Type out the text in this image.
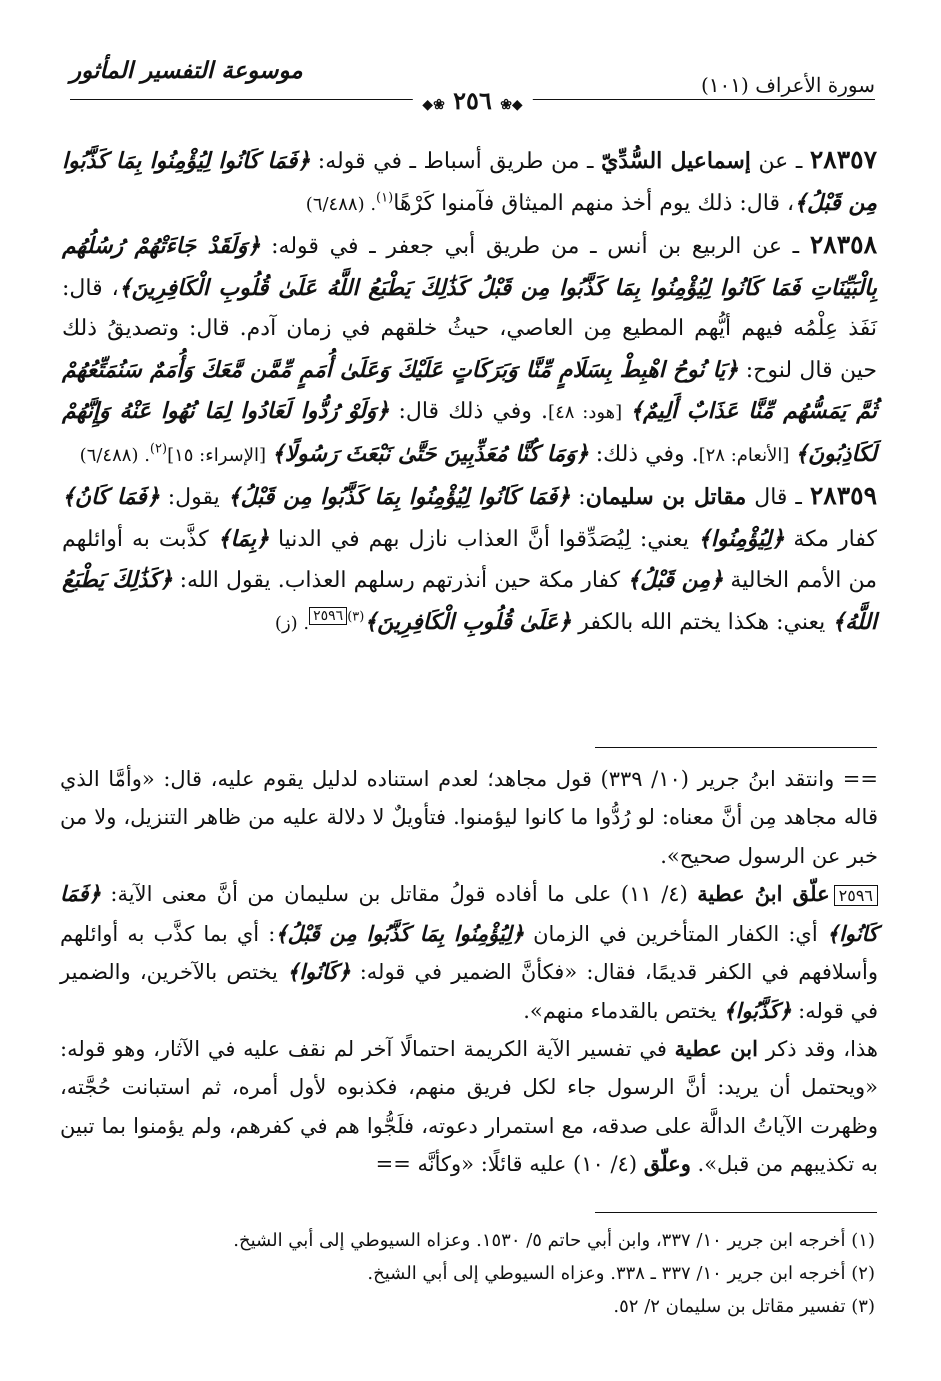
سورة الأعراف (١٠١)
موسوعة التفسير المأثور
◆❀ ٢٥٦ ❀◆

٢٨٣٥٧ ـ عن إسماعيل السُّدِّيّ ـ من طريق أسباط ـ في قوله: ﴿فَمَا كَانُوا لِيُؤْمِنُوا بِمَا كَذَّبُوا مِن قَبْلُ﴾، قال: ذلك يوم أخذ منهم الميثاق فآمنوا كَرْهًا$^{(١)}$. (٦/٤٨٨)

٢٨٣٥٨ ـ عن الربيع بن أنس ـ من طريق أبي جعفر ـ في قوله: ﴿وَلَقَدْ جَاءَتْهُمْ رُسُلُهُم بِالْبَيِّنَاتِ فَمَا كَانُوا لِيُؤْمِنُوا بِمَا كَذَّبُوا مِن قَبْلُ كَذَٰلِكَ يَطْبَعُ اللَّهُ عَلَىٰ قُلُوبِ الْكَافِرِينَ﴾، قال: نَفَذ عِلْمُه فيهم أيُّهم المطيع مِن العاصي، حيثُ خلقهم في زمان آدم. قال: وتصديقُ ذلك حين قال لنوح: ﴿يَا نُوحُ اهْبِطْ بِسَلَامٍ مِّنَّا وَبَرَكَاتٍ عَلَيْكَ وَعَلَىٰ أُمَمٍ مِّمَّن مَّعَكَ وَأُمَمٌ سَنُمَتِّعُهُمْ ثُمَّ يَمَسُّهُم مِّنَّا عَذَابٌ أَلِيمٌ﴾ [هود: ٤٨]. وفي ذلك قال: ﴿وَلَوْ رُدُّوا لَعَادُوا لِمَا نُهُوا عَنْهُ وَإِنَّهُمْ لَكَاذِبُونَ﴾ [الأنعام: ٢٨]. وفي ذلك: ﴿وَمَا كُنَّا مُعَذِّبِينَ حَتَّىٰ نَبْعَثَ رَسُولًا﴾ [الإسراء: ١٥]$^{(٢)}$. (٦/٤٨٨)

٢٨٣٥٩ ـ قال مقاتل بن سليمان: ﴿فَمَا كَانُوا لِيُؤْمِنُوا بِمَا كَذَّبُوا مِن قَبْلُ﴾ يقول: ﴿فَمَا كَانُ﴾ كفار مكة ﴿لِيُؤْمِنُوا﴾ يعني: لِيُصَدِّقوا أنَّ العذاب نازل بهم في الدنيا ﴿بِمَا﴾ كذَّبت به أوائلهم من الأمم الخالية ﴿مِن قَبْلُ﴾ كفار مكة حين أنذرتهم رسلهم العذاب. يقول الله: ﴿كَذَٰلِكَ يَطْبَعُ اللَّهُ﴾ يعني: هكذا يختم الله بالكفر ﴿عَلَىٰ قُلُوبِ الْكَافِرِينَ﴾$^{(٣)٢٥٩٦}$. (ز)

== وانتقد ابنُ جرير (١٠/ ٣٣٩) قول مجاهد؛ لعدم استناده لدليل يقوم عليه، قال: «وأمَّا الذي قاله مجاهد مِن أنَّ معناه: لو رُدُّوا ما كانوا ليؤمنوا. فتأويلٌ لا دلالة عليه من ظاهر التنزيل، ولا من خبر عن الرسول صحيح».

٢٥٩٦علّق ابنُ عطية (٤/ ١١) على ما أفاده قولُ مقاتل بن سليمان من أنَّ معنى الآية: ﴿فَمَا كَانُوا﴾ أي: الكفار المتأخرين في الزمان ﴿لِيُؤْمِنُوا بِمَا كَذَّبُوا مِن قَبْلُ﴾: أي بما كذَّب به أوائلهم وأسلافهم في الكفر قديمًا، فقال: «فكأنَّ الضمير في قوله: ﴿كَانُوا﴾ يختص بالآخرين، والضمير في قوله: ﴿كَذَّبُوا﴾ يختص بالقدماء منهم».

هذا، وقد ذكر ابن عطية في تفسير الآية الكريمة احتمالًا آخر لم نقف عليه في الآثار، وهو قوله: «ويحتمل أن يريد: أنَّ الرسول جاء لكل فريق منهم، فكذبوه لأول أمره، ثم استبانت حُجَّته، وظهرت الآياتُ الدالَّة على صدقه، مع استمرار دعوته، فلَجُّوا هم في كفرهم، ولم يؤمنوا بما تبين به تكذيبهم من قبل». وعلّق (٤/ ١٠) عليه قائلًا: «وكأنَّه ==

(١) أخرجه ابن جرير ١٠/ ٣٣٧، وابن أبي حاتم ٥/ ١٥٣٠. وعزاه السيوطي إلى أبي الشيخ.

(٢) أخرجه ابن جرير ١٠/ ٣٣٧ ـ ٣٣٨. وعزاه السيوطي إلى أبي الشيخ.

(٣) تفسير مقاتل بن سليمان ٢/ ٥٢.
